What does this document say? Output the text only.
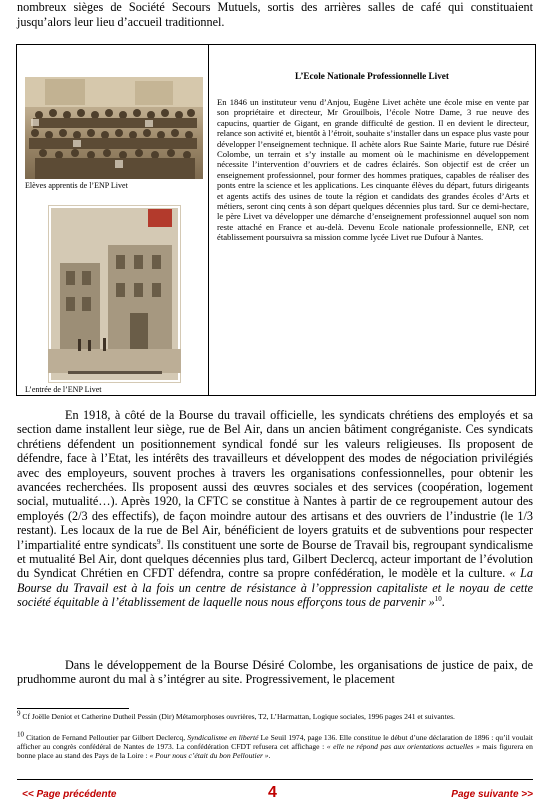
nombreux sièges de Société Secours Mutuels, sortis des arrières salles de café qui constituaient jusqu’alors leur lieu d’accueil traditionnel.

Elèves apprentis de l’ENP Livet
L’entrée de l’ENP Livet

L’Ecole Nationale Professionnelle Livet

En 1846 un instituteur venu d’Anjou, Eugène Livet achète une école mise en vente par son propriétaire et directeur, Mr Grouilbois, l’école Notre Dame, 3 rue neuve des capucins, quartier de Gigant, en grande difficulté de gestion. Il en devient le directeur, relance son activité et, bientôt à l’étroit, souhaite s’installer dans un espace plus vaste pour développer l’enseignement technique. Il achète alors Rue Sainte Marie, future rue Désiré Colombe, un terrain et s’y installe au moment où le machinisme en développement nécessite l’intervention d’ouvriers et de cadres éclairés. Son objectif est de créer un enseignement professionnel, pour former des hommes pratiques, capables de réaliser des ponts entre la science et les applications. Les cinquante élèves du départ, futurs dirigeants et agents actifs des usines de toute la région et candidats des grandes écoles d’Arts et métiers, seront cinq cents à son départ quelques décennies plus tard. Sur ce demi-hectare, le père Livet va développer une démarche d’enseignement professionnel auquel son nom reste attaché en France et au-delà. Devenu Ecole nationale professionnelle, ENP, cet établissement poursuivra sa mission comme lycée Livet rue Dufour à Nantes.

En 1918, à côté de la Bourse du travail officielle, les syndicats chrétiens des employés et sa section dame installent leur siège, rue de Bel Air, dans un ancien bâtiment congréganiste. Ces syndicats chrétiens défendent un positionnement syndical fondé sur les valeurs religieuses. Ils proposent de défendre, face à l’Etat, les intérêts des travailleurs et développent des modes de négociation privilégiés avec des employeurs, souvent proches à travers les organisations confessionnelles, pour obtenir les avancées recherchées. Ils proposent aussi des œuvres sociales et des services (coopération, logement social, mutualité…). Après 1920, la CFTC se constitue à Nantes à partir de ce regroupement autour des employés (2/3 des effectifs), de façon moindre autour des artisans et des ouvriers de l’industrie (le 1/3 restant). Les locaux de la rue de Bel Air, bénéficient de loyers gratuits et de subventions pour respecter l’impartialité entre syndicats$^9$. Ils constituent une sorte de Bourse de Travail bis, regroupant syndicalisme et mutualité Bel Air, dont quelques décennies plus tard, Gilbert Declercq, acteur important de l’évolution du Syndicat Chrétien en CFDT défendra, contre sa propre confédération, le modèle et la culture. « La Bourse du Travail est à la fois un centre de résistance à l’oppression capitaliste et le noyau de cette société équitable à l’établissement de laquelle nous nous efforçons tous de parvenir »$^{10}$.

Dans le développement de la Bourse Désiré Colombe, les organisations de justice de paix, de prudhomme auront du mal à s’intégrer au site. Progressivement, le placement

$^9$ Cf Joëlle Deniot et Catherine Dutheil Pessin (Dir) Métamorphoses ouvrières, T2, L’Harmattan, Logique sociales, 1996 pages 241 et suivantes.

$^{10}$ Citation de Fernand Pelloutier par Gilbert Declercq, Syndicalisme en liberté Le Seuil 1974, page 136. Elle constitue le début d’une déclaration de 1896 : qu’il voulait afficher au congrès confédéral de Nantes de 1973. La confédération CFDT refusera cet affichage : « elle ne répond pas aux orientations actuelles » mais figurera en bonne place au stand des Pays de la Loire : « Pour nous c’était du bon Pelloutier ».

<< Page précédente	4	Page suivante >>
